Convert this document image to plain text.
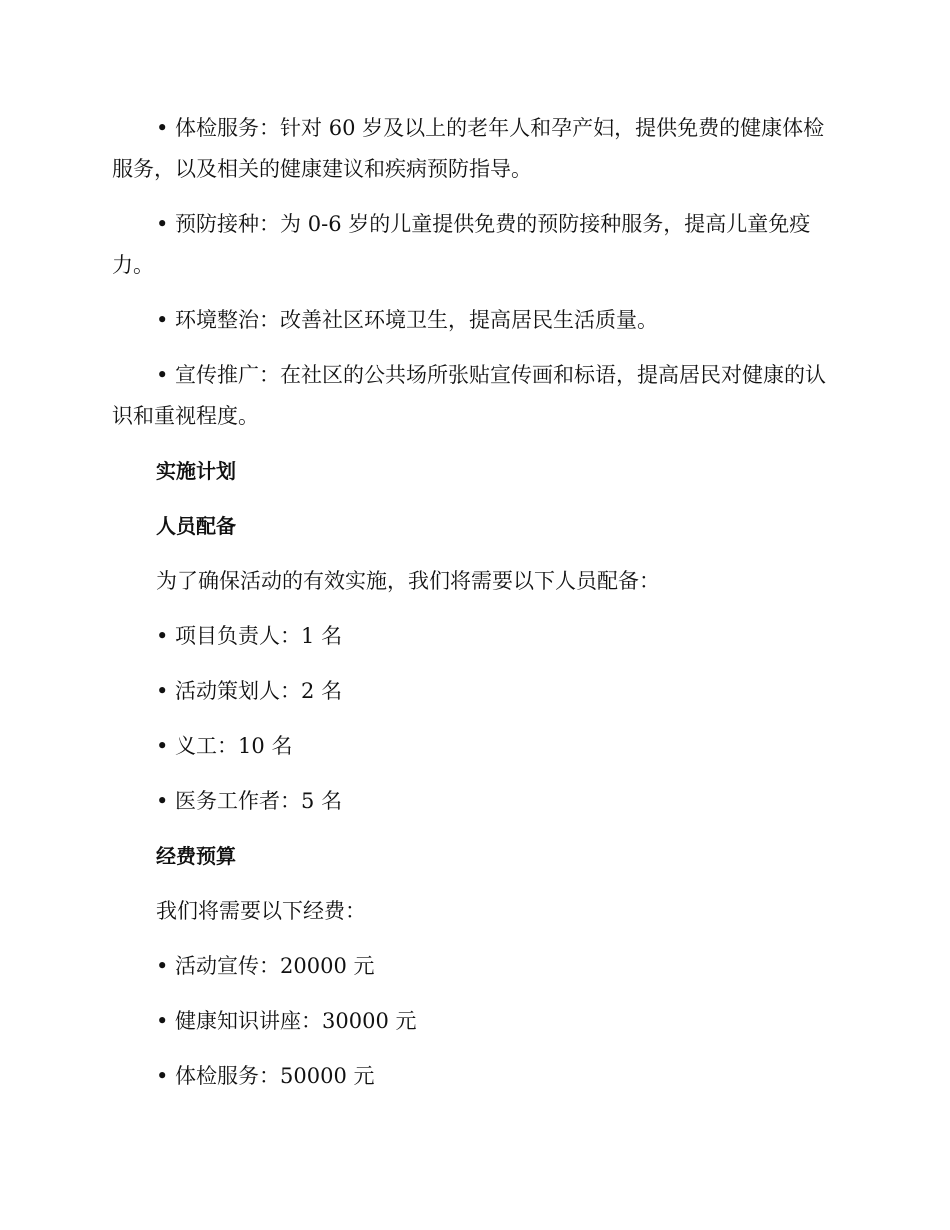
• 体检服务：针对 60 岁及以上的老年人和孕产妇，提供免费的健康体检服务，以及相关的健康建议和疾病预防指导。

• 预防接种：为 0-6 岁的儿童提供免费的预防接种服务，提高儿童免疫力。

• 环境整治：改善社区环境卫生，提高居民生活质量。

• 宣传推广：在社区的公共场所张贴宣传画和标语，提高居民对健康的认识和重视程度。

实施计划
人员配备
为了确保活动的有效实施，我们将需要以下人员配备：
• 项目负责人：1 名
• 活动策划人：2 名
• 义工：10 名
• 医务工作者：5 名
经费预算
我们将需要以下经费：
• 活动宣传：20000 元
• 健康知识讲座：30000 元
• 体检服务：50000 元
